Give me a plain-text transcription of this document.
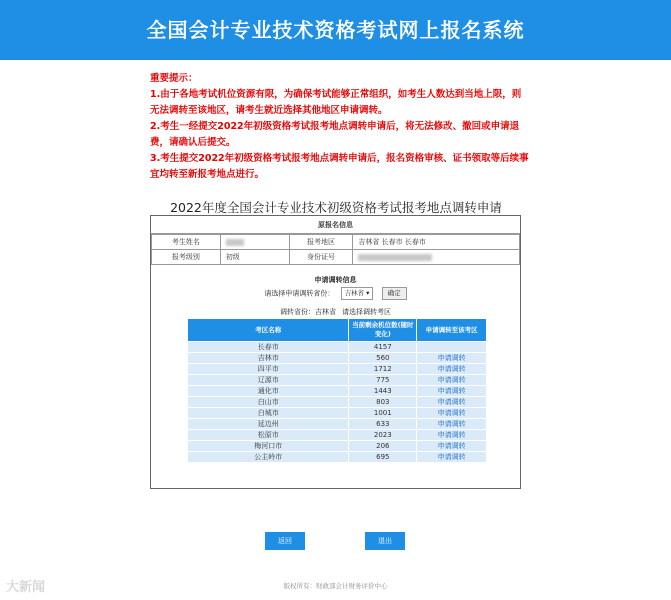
全国会计专业技术资格考试网上报名系统

重要提示：

1.由于各地考试机位资源有限，为确保考试能够正常组织，如考生人数达到当地上限，则无法调转至该地区，请考生就近选择其他地区申请调转。

2.考生一经提交2022年初级资格考试报考地点调转申请后，将无法修改、撤回或申请退费，请确认后提交。

3.考生提交2022年初级资格考试报考地点调转申请后，报名资格审核、证书领取等后续事宜均转至新报考地点进行。

2022年度全国会计专业技术初级资格考试报考地点调转申请
原报名信息
考生姓名		报考地区	吉林省 长春市 长春市
报考级别	初级	身份证号	
申请调转信息
请选择申请调转省份： 吉林省 ▾	确定
调转省份：吉林省 请选择调转考区
考区名称	当前剩余机位数(随时变化)	申请调转至该考区
长春市	4157	
吉林市	560	申请调转
四平市	1712	申请调转
辽源市	775	申请调转
通化市	1443	申请调转
白山市	803	申请调转
白城市	1001	申请调转
延边州	633	申请调转
松原市	2023	申请调转
梅河口市	206	申请调转
公主岭市	695	申请调转
返回	退出
大新闻	版权所有：财政部会计财务评价中心
